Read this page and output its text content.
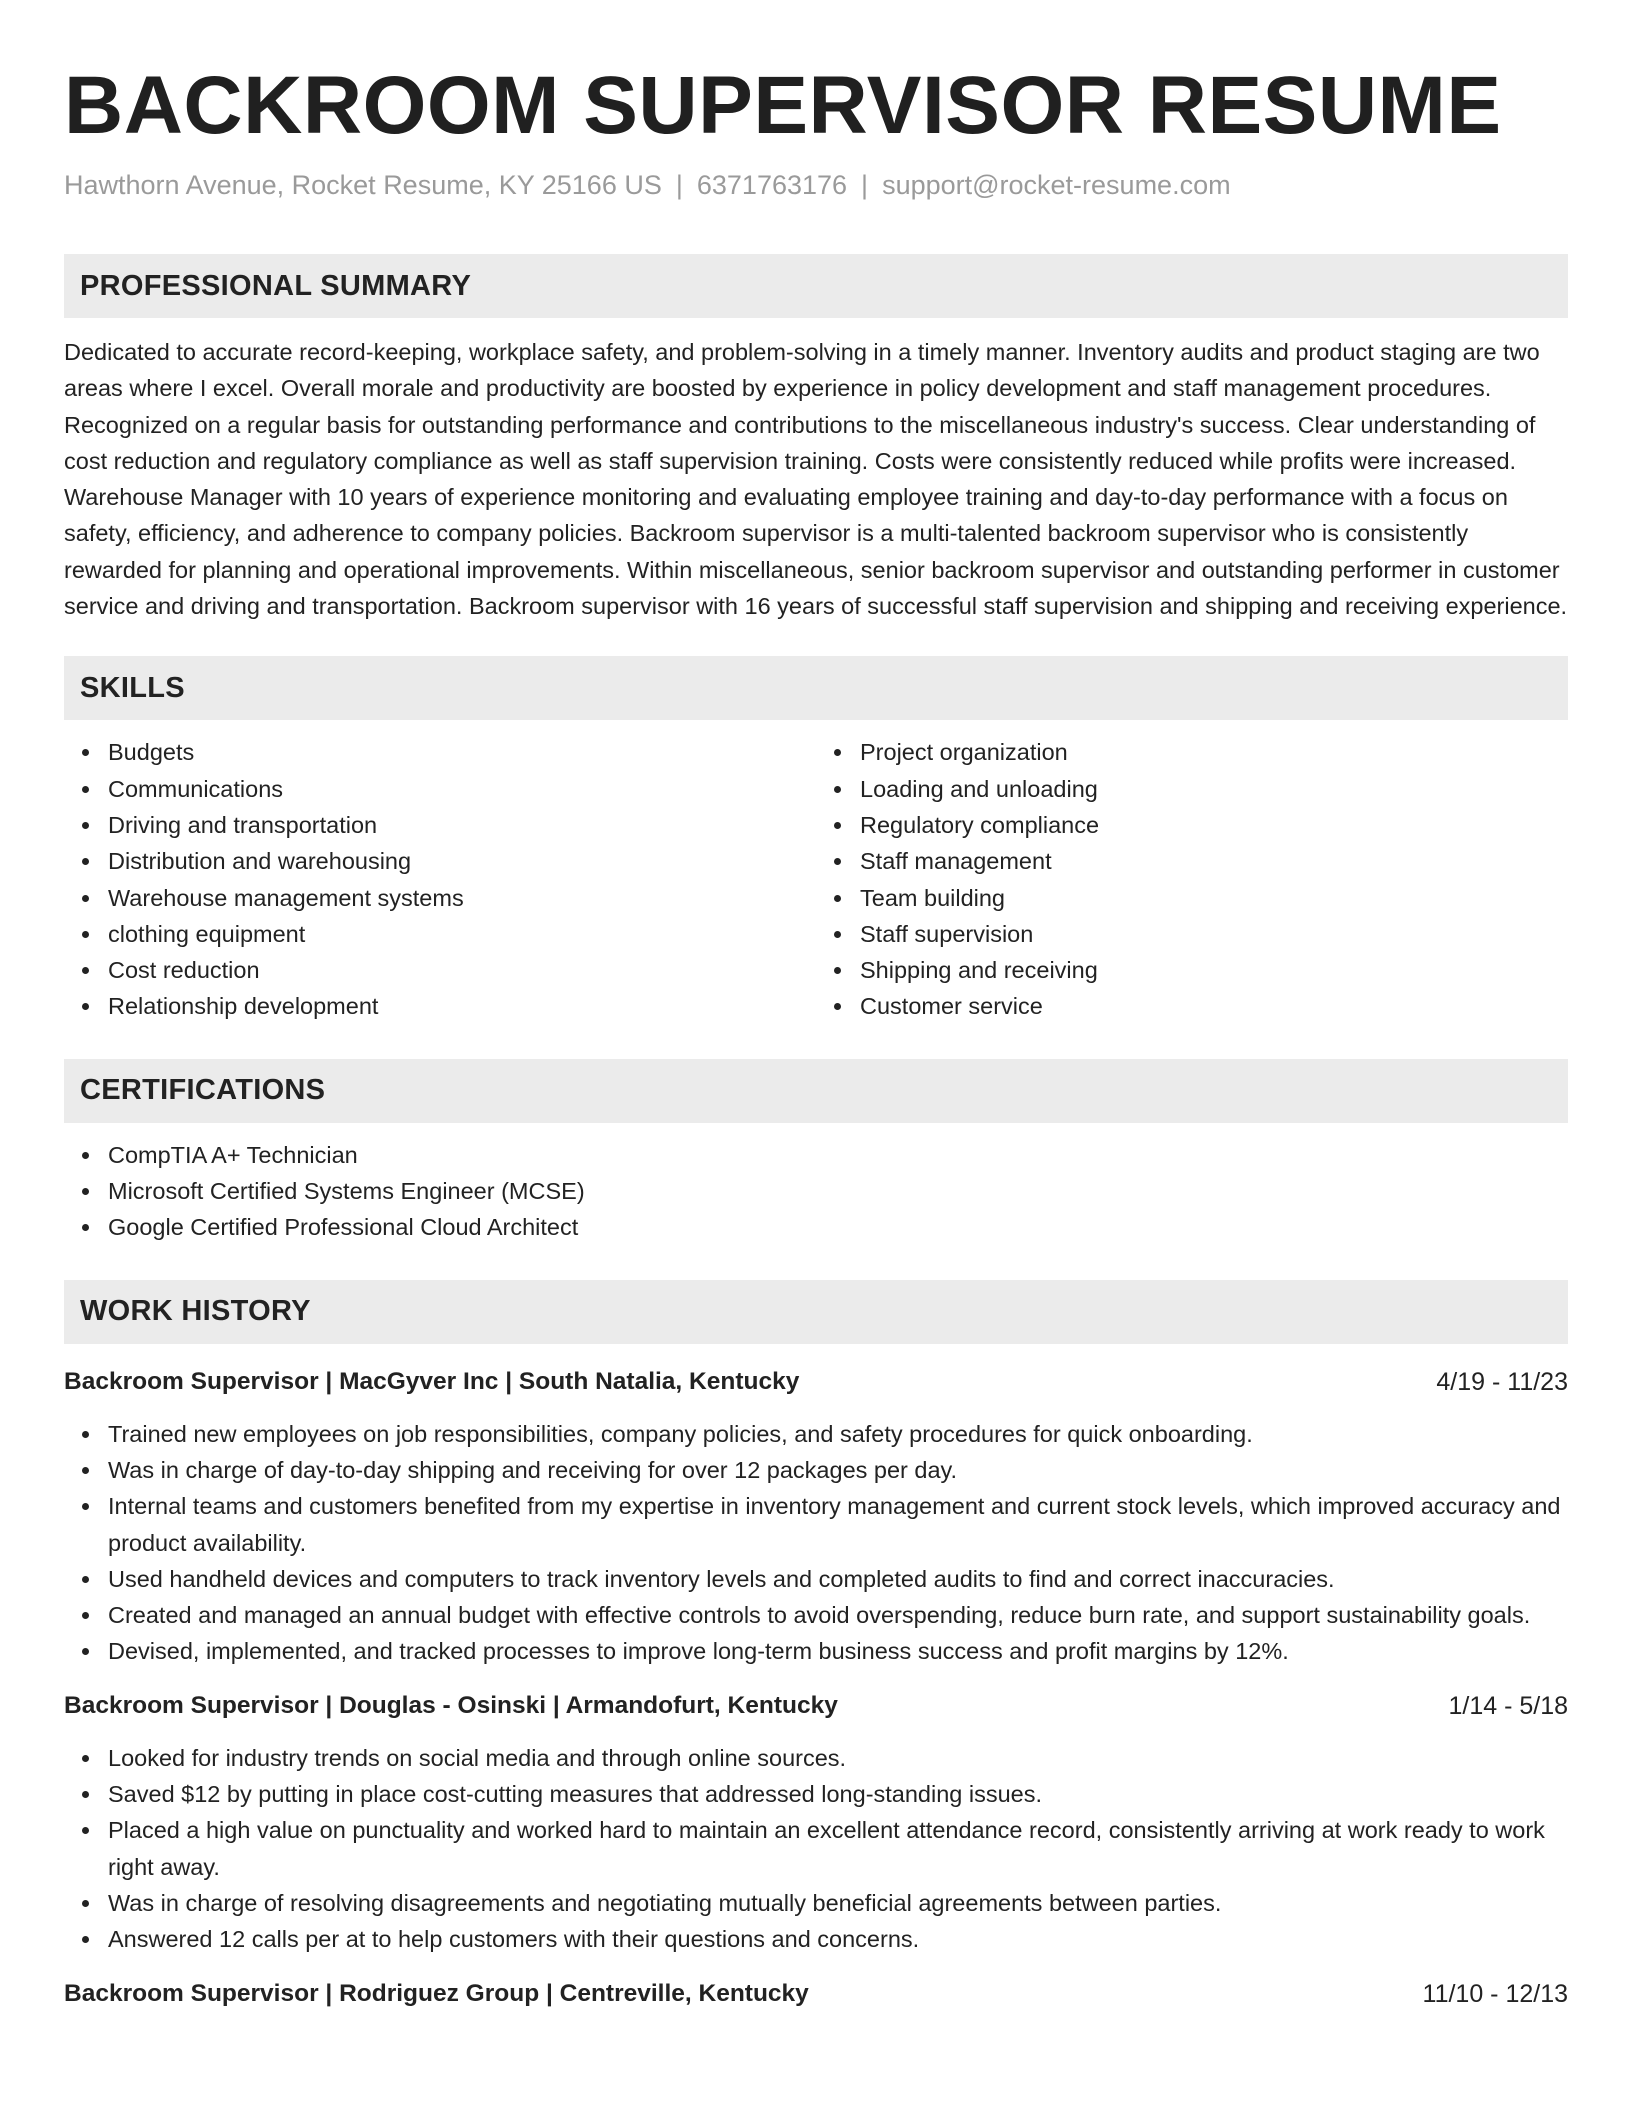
BACKROOM SUPERVISOR RESUME
Hawthorn Avenue, Rocket Resume, KY 25166 US | 6371763176 | support@rocket-resume.com
PROFESSIONAL SUMMARY

Dedicated to accurate record-keeping, workplace safety, and problem-solving in a timely manner. Inventory audits and product staging are two areas where I excel. Overall morale and productivity are boosted by experience in policy development and staff management procedures. Recognized on a regular basis for outstanding performance and contributions to the miscellaneous industry's success. Clear understanding of cost reduction and regulatory compliance as well as staff supervision training. Costs were consistently reduced while profits were increased. Warehouse Manager with 10 years of experience monitoring and evaluating employee training and day-to-day performance with a focus on safety, efficiency, and adherence to company policies. Backroom supervisor is a multi-talented backroom supervisor who is consistently rewarded for planning and operational improvements. Within miscellaneous, senior backroom supervisor and outstanding performer in customer service and driving and transportation. Backroom supervisor with 16 years of successful staff supervision and shipping and receiving experience.

SKILLS
Budgets
Communications
Driving and transportation
Distribution and warehousing
Warehouse management systems
clothing equipment
Cost reduction
Relationship development
Project organization
Loading and unloading
Regulatory compliance
Staff management
Team building
Staff supervision
Shipping and receiving
Customer service
CERTIFICATIONS
CompTIA A+ Technician
Microsoft Certified Systems Engineer (MCSE)
Google Certified Professional Cloud Architect
WORK HISTORY
Backroom Supervisor | MacGyver Inc | South Natalia, Kentucky	4/19 - 11/23
Trained new employees on job responsibilities, company policies, and safety procedures for quick onboarding.
Was in charge of day-to-day shipping and receiving for over 12 packages per day.
Internal teams and customers benefited from my expertise in inventory management and current stock levels, which improved accuracy and product availability.
Used handheld devices and computers to track inventory levels and completed audits to find and correct inaccuracies.
Created and managed an annual budget with effective controls to avoid overspending, reduce burn rate, and support sustainability goals.
Devised, implemented, and tracked processes to improve long-term business success and profit margins by 12%.
Backroom Supervisor | Douglas - Osinski | Armandofurt, Kentucky	1/14 - 5/18
Looked for industry trends on social media and through online sources.
Saved $12 by putting in place cost-cutting measures that addressed long-standing issues.
Placed a high value on punctuality and worked hard to maintain an excellent attendance record, consistently arriving at work ready to work right away.
Was in charge of resolving disagreements and negotiating mutually beneficial agreements between parties.
Answered 12 calls per at to help customers with their questions and concerns.
Backroom Supervisor | Rodriguez Group | Centreville, Kentucky	11/10 - 12/13
